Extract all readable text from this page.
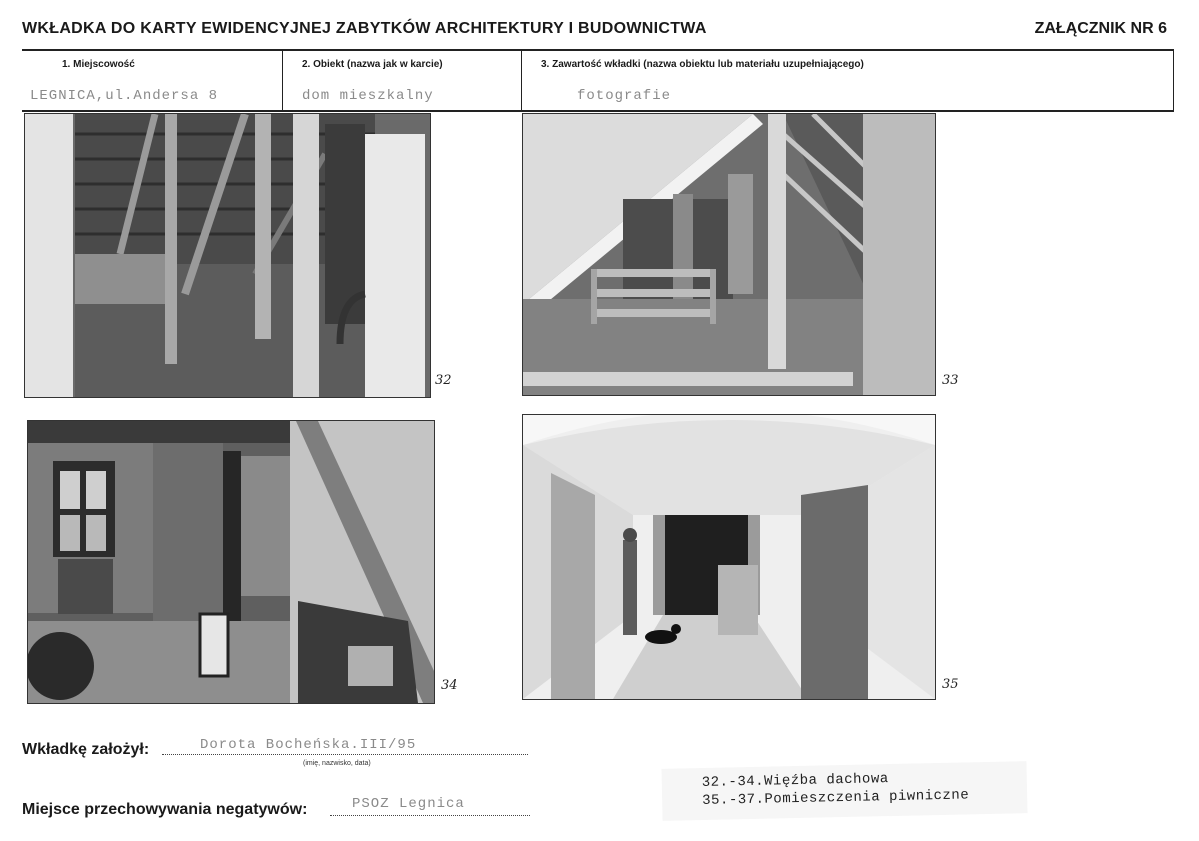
WKŁADKA DO KARTY EWIDENCYJNEJ ZABYTKÓW ARCHITEKTURY I BUDOWNICTWA	ZAŁĄCZNIK NR 6
1. Miejscowość
LEGNICA,ul.Andersa 8
2. Obiekt (nazwa jak w karcie)
dom mieszkalny
3. Zawartość wkładki (nazwa obiektu lub materiału uzupełniającego)
fotografie
32	33
34	35
Wkładkę założył:	Dorota Bocheńska.III/95
(imię, nazwisko, data)
Miejsce przechowywania negatywów:	PSOZ Legnica
32.-34.Więźba dachowa
35.-37.Pomieszczenia piwniczne
